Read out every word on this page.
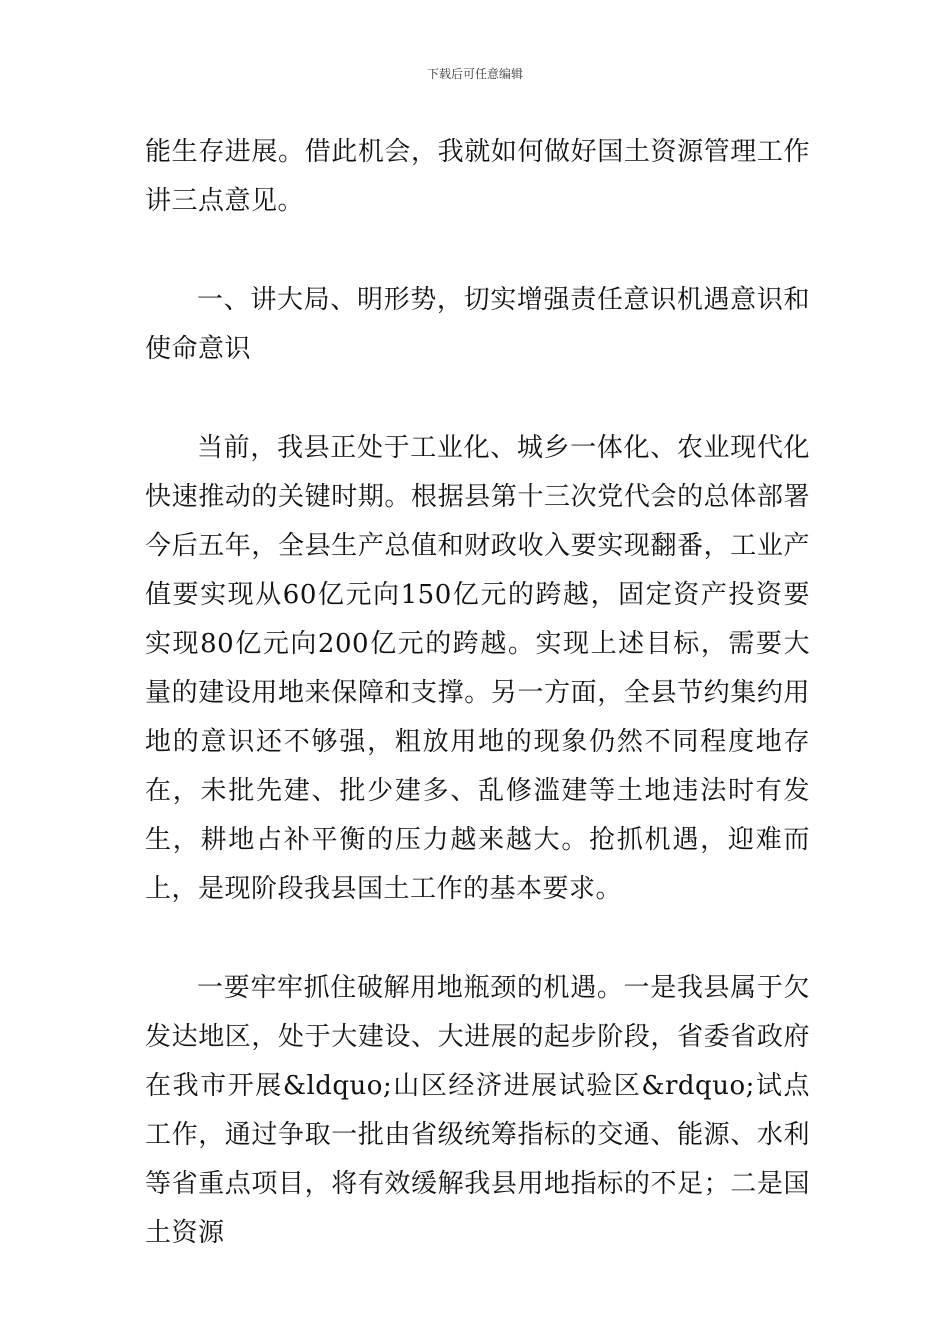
下载后可任意编辑

能生存进展。借此机会，我就如何做好国土资源管理工作讲三点意见。

一、讲大局、明形势，切实增强责任意识机遇意识和使命意识

当前，我县正处于工业化、城乡一体化、农业现代化快速推动的关键时期。根据县第十三次党代会的总体部署今后五年，全县生产总值和财政收入要实现翻番，工业产值要实现从60亿元向150亿元的跨越，固定资产投资要实现80亿元向200亿元的跨越。实现上述目标，需要大量的建设用地来保障和支撑。另一方面，全县节约集约用地的意识还不够强，粗放用地的现象仍然不同程度地存在，未批先建、批少建多、乱修滥建等土地违法时有发生，耕地占补平衡的压力越来越大。抢抓机遇，迎难而上，是现阶段我县国土工作的基本要求。

一要牢牢抓住破解用地瓶颈的机遇。一是我县属于欠发达地区，处于大建设、大进展的起步阶段，省委省政府在我市开展&ldquo;山区经济进展试验区&rdquo;试点工作，通过争取一批由省级统筹指标的交通、能源、水利等省重点项目，将有效缓解我县用地指标的不足；二是国土资源
